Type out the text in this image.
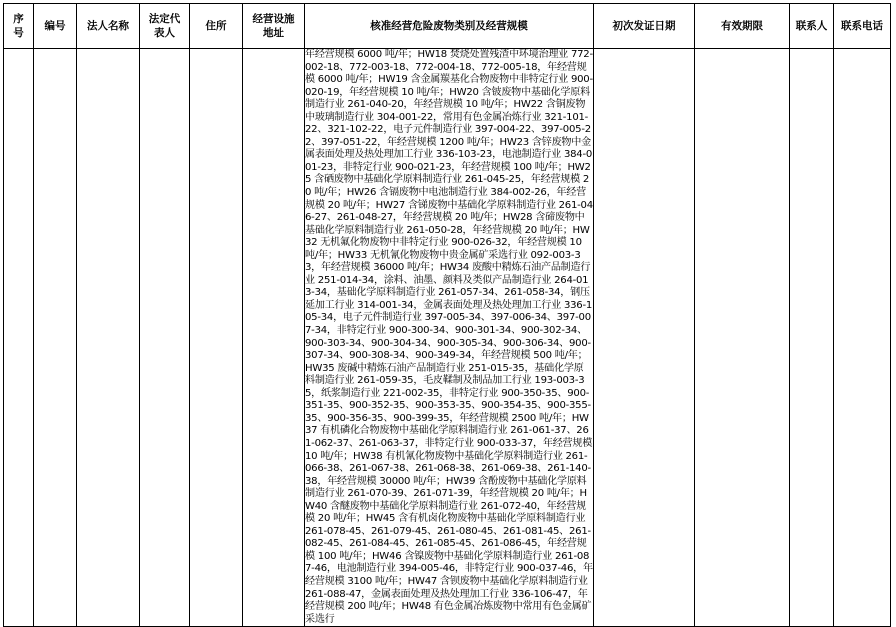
序号	编号	法人名称	法定代表人	住所	经营设施地址	核准经营危险废物类别及经营规模	初次发证日期	有效期限	联系人	联系电话

						年经营规模 6000 吨/年；HW18 焚烧处置残渣中环境治理业 772-002-18、772-003-18、772-004-18、772-005-18，年经营规模 6000 吨/年；HW19 含金属羰基化合物废物中非特定行业 900-020-19，年经营规模 10 吨/年；HW20 含铍废物中基础化学原料制造行业 261-040-20，年经营规模 10 吨/年；HW22 含铜废物中玻璃制造行业 304-001-22，常用有色金属冶炼行业 321-101-22、321-102-22，电子元件制造行业 397-004-22、397-005-22、397-051-22，年经营规模 1200 吨/年；HW23 含锌废物中金属表面处理及热处理加工行业 336-103-23，电池制造行业 384-001-23，非特定行业 900-021-23，年经营规模 100 吨/年；HW25 含硒废物中基础化学原料制造行业 261-045-25，年经营规模 20 吨/年；HW26 含镉废物中电池制造行业 384-002-26，年经营规模 20 吨/年；HW27 含锑废物中基础化学原料制造行业 261-046-27、261-048-27，年经营规模 20 吨/年；HW28 含碲废物中基础化学原料制造行业 261-050-28，年经营规模 20 吨/年；HW32 无机氟化物废物中非特定行业 900-026-32，年经营规模 10 吨/年；HW33 无机氰化物废物中贵金属矿采选行业 092-003-33，年经营规模 36000 吨/年；HW34 废酸中精炼石油产品制造行业 251-014-34，涂料、油墨、颜料及类似产品制造行业 264-013-34，基础化学原料制造行业 261-057-34、261-058-34，钢压延加工行业 314-001-34，金属表面处理及热处理加工行业 336-105-34，电子元件制造行业 397-005-34、397-006-34、397-007-34，非特定行业 900-300-34、900-301-34、900-302-34、900-303-34、900-304-34、900-305-34、900-306-34、900-307-34、900-308-34、900-349-34，年经营规模 500 吨/年；HW35 废碱中精炼石油产品制造行业 251-015-35，基础化学原料制造行业 261-059-35，毛皮鞣制及制品加工行业 193-003-35，纸浆制造行业 221-002-35，非特定行业 900-350-35、900-351-35、900-352-35、900-353-35、900-354-35、900-355-35、900-356-35、900-399-35，年经营规模 2500 吨/年；HW37 有机磷化合物废物中基础化学原料制造行业 261-061-37、261-062-37、261-063-37，非特定行业 900-033-37，年经营规模 10 吨/年；HW38 有机氰化物废物中基础化学原料制造行业 261-066-38、261-067-38、261-068-38、261-069-38、261-140-38，年经营规模 30000 吨/年；HW39 含酚废物中基础化学原料制造行业 261-070-39、261-071-39，年经营规模 20 吨/年；HW40 含醚废物中基础化学原料制造行业 261-072-40，年经营规模 20 吨/年；HW45 含有机卤化物废物中基础化学原料制造行业 261-078-45、261-079-45、261-080-45、261-081-45、261-082-45、261-084-45、261-085-45、261-086-45，年经营规模 100 吨/年；HW46 含镍废物中基础化学原料制造行业 261-087-46，电池制造行业 394-005-46，非特定行业 900-037-46，年经营规模 3100 吨/年；HW47 含钡废物中基础化学原料制造行业 261-088-47，金属表面处理及热处理加工行业 336-106-47，年经营规模 200 吨/年；HW48 有色金属冶炼废物中常用有色金属矿采选行				
